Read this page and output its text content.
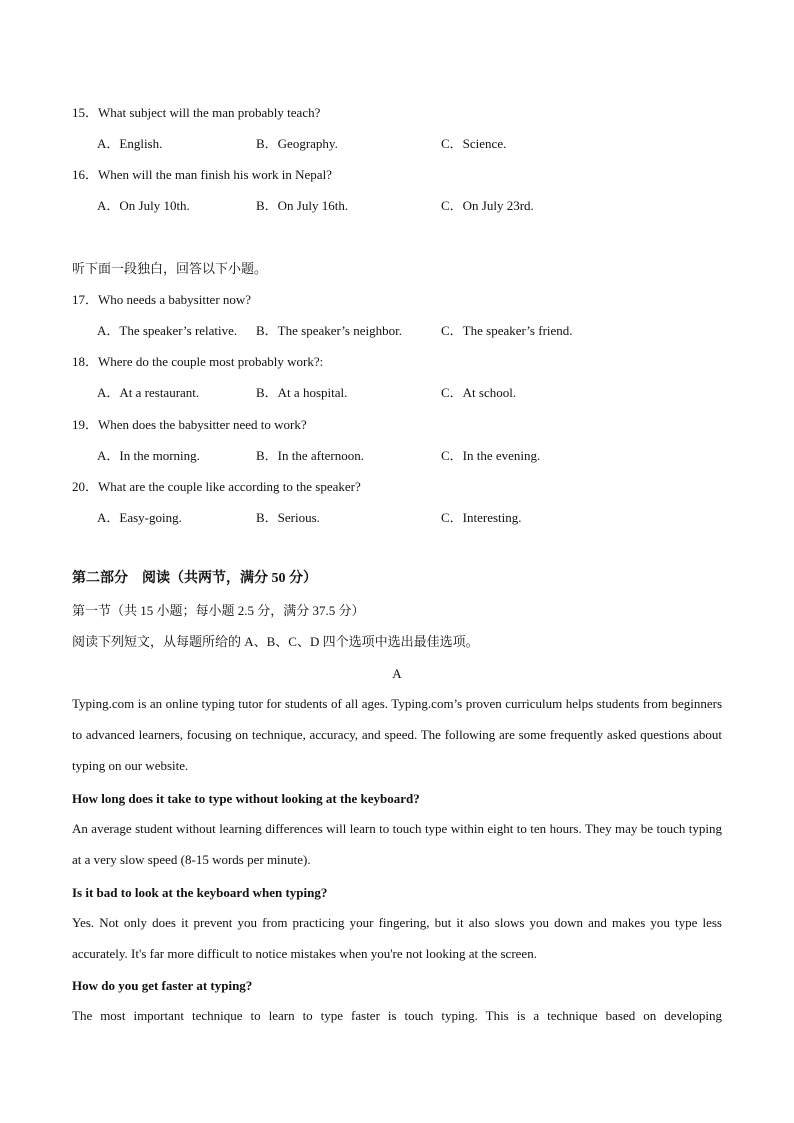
15．What subject will the man probably teach?
A．English.	B．Geography.	C．Science.
16．When will the man finish his work in Nepal?
A．On July 10th.	B．On July 16th.	C．On July 23rd.
听下面一段独白，回答以下小题。
17．Who needs a babysitter now?
A．The speaker’s relative. B．The speaker’s neighbor.	C．The speaker’s friend.
18．Where do the couple most probably work?:
A．At a restaurant.	B．At a hospital.	C．At school.
19．When does the babysitter need to work?
A．In the morning.	B．In the afternoon.	C．In the evening.
20．What are the couple like according to the speaker?
A．Easy-going.	B．Serious.	C．Interesting.
第二部分　阅读（共两节，满分 50 分）
第一节（共 15 小题；每小题 2.5 分，满分 37.5 分）
阅读下列短文，从每题所给的 A、B、C、D 四个选项中选出最佳选项。
A
Typing.com is an online typing tutor for students of all ages. Typing.com’s proven curriculum helps students from beginners to advanced learners, focusing on technique, accuracy, and speed. The following are some frequently asked questions about typing on our website.
How long does it take to type without looking at the keyboard?
An average student without learning differences will learn to touch type within eight to ten hours. They may be touch typing at a very slow speed (8-15 words per minute).
Is it bad to look at the keyboard when typing?
Yes. Not only does it prevent you from practicing your fingering, but it also slows you down and makes you type less accurately. It's far more difficult to notice mistakes when you're not looking at the screen.
How do you get faster at typing?
The most important technique to learn to type faster is touch typing. This is a technique based on developing
